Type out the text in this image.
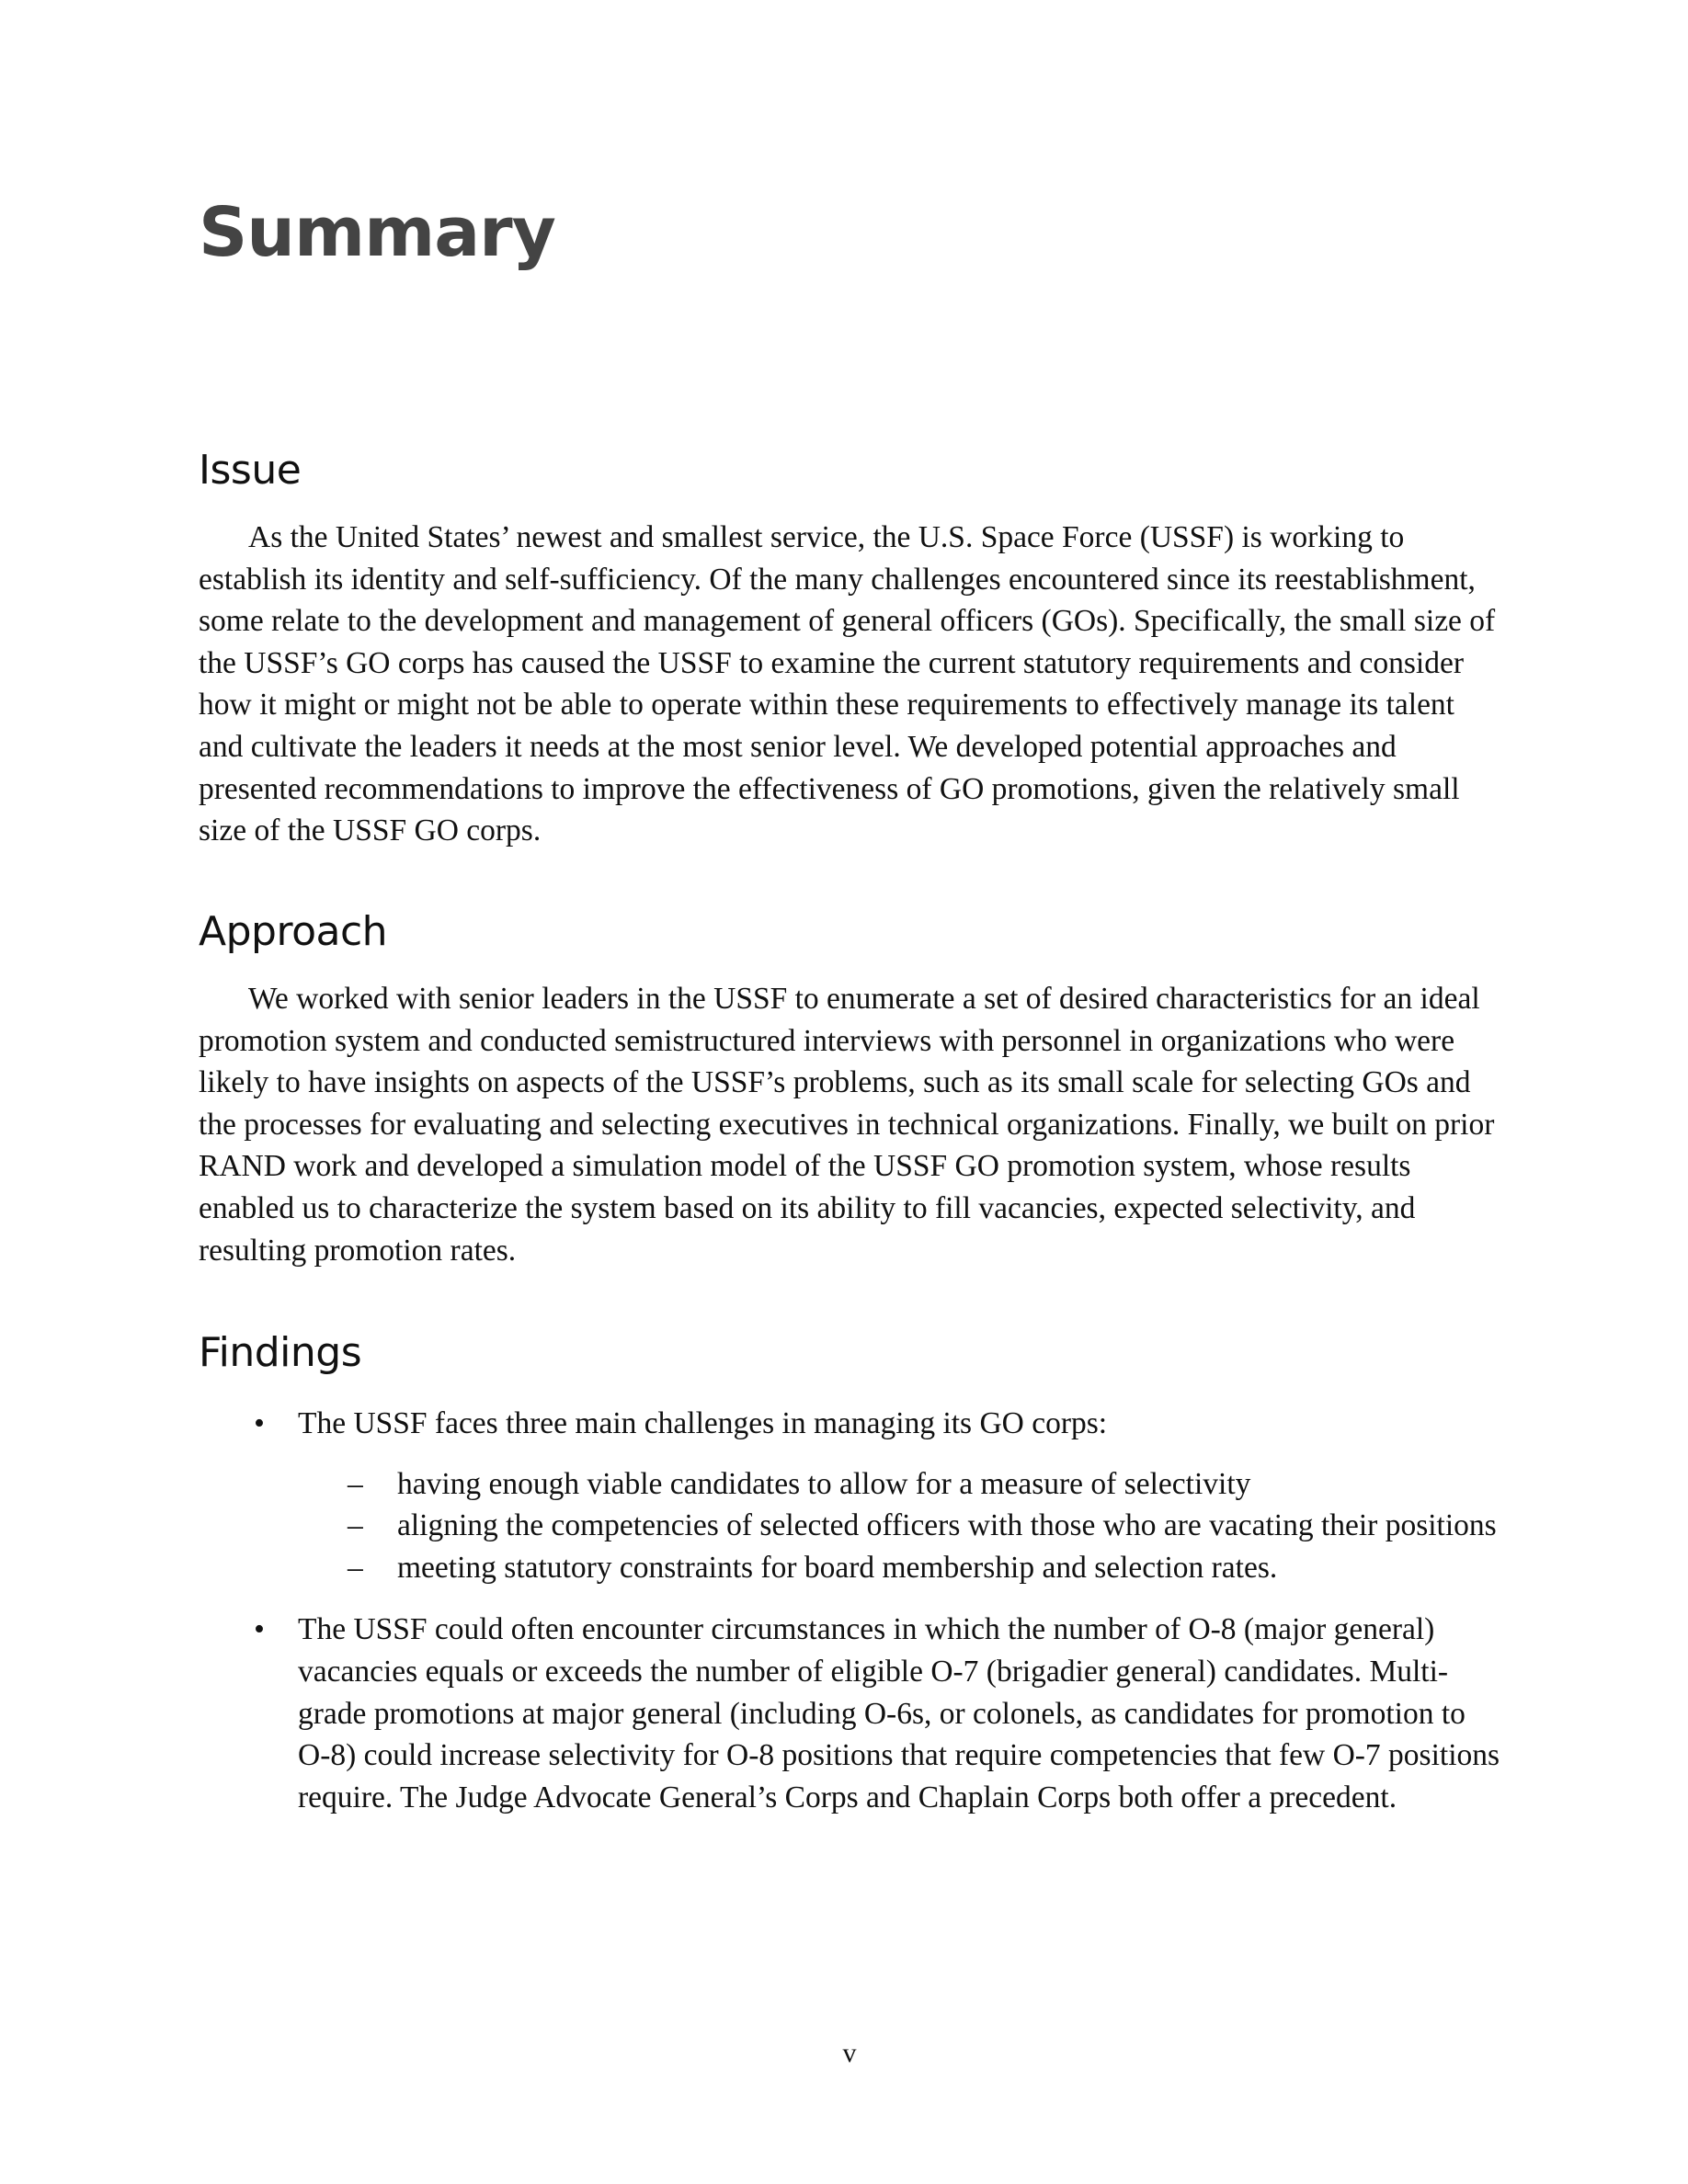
Summary
Issue

As the United States’ newest and smallest service, the U.S. Space Force (USSF) is working to establish its identity and self-sufficiency. Of the many challenges encountered since its reestablishment, some relate to the development and management of general officers (GOs). Specifically, the small size of the USSF’s GO corps has caused the USSF to examine the current statutory requirements and consider how it might or might not be able to operate within these requirements to effectively manage its talent and cultivate the leaders it needs at the most senior level. We developed potential approaches and presented recommendations to improve the effectiveness of GO promotions, given the relatively small size of the USSF GO corps.

Approach

We worked with senior leaders in the USSF to enumerate a set of desired characteristics for an ideal promotion system and conducted semistructured interviews with personnel in organizations who were likely to have insights on aspects of the USSF’s problems, such as its small scale for selecting GOs and the processes for evaluating and selecting executives in technical organizations. Finally, we built on prior RAND work and developed a simulation model of the USSF GO promotion system, whose results enabled us to characterize the system based on its ability to fill vacancies, expected selectivity, and resulting promotion rates.

Findings
• The USSF faces three main challenges in managing its GO corps:
–	having enough viable candidates to allow for a measure of selectivity
–	aligning the competencies of selected officers with those who are vacating their positions
–	meeting statutory constraints for board membership and selection rates.
• The USSF could often encounter circumstances in which the number of O-8 (major general) vacancies equals or exceeds the number of eligible O-7 (brigadier general) candidates. Multi-grade promotions at major general (including O-6s, or colonels, as candidates for promotion to O-8) could increase selectivity for O-8 positions that require competencies that few O-7 positions require. The Judge Advocate General’s Corps and Chaplain Corps both offer a precedent.
v
